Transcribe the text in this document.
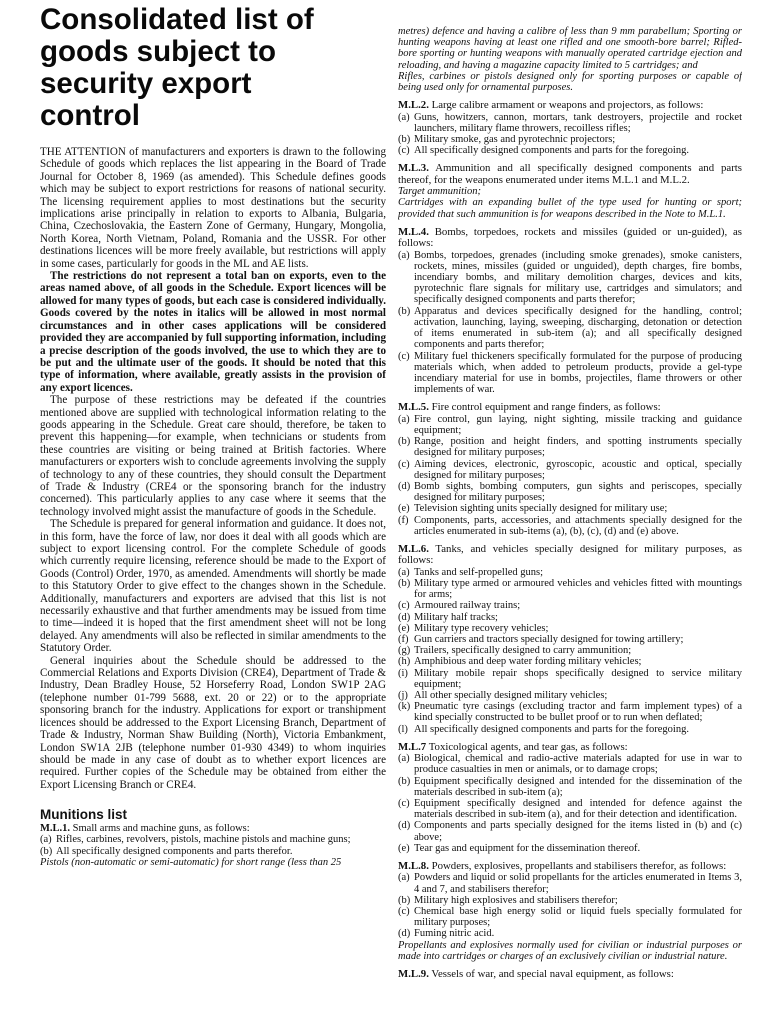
Consolidated list of
goods subject to
security export
control

THE ATTENTION of manufacturers and exporters is drawn to the following Schedule of goods which replaces the list appearing in the Board of Trade Journal for October 8, 1969 (as amended). This Schedule defines goods which may be subject to export restrictions for reasons of national security. The licensing requirement applies to most destinations but the security implications arise principally in relation to exports to Albania, Bulgaria, China, Czechoslovakia, the Eastern Zone of Germany, Hungary, Mongolia, North Korea, North Vietnam, Poland, Romania and the USSR. For other destinations licences will be more freely available, but restrictions will apply in some cases, particularly for goods in the ML and AE lists.

The restrictions do not represent a total ban on exports, even to the areas named above, of all goods in the Schedule. Export licences will be allowed for many types of goods, but each case is considered individually. Goods covered by the notes in italics will be allowed in most normal circumstances and in other cases applications will be considered provided they are accompanied by full supporting information, including a precise description of the goods involved, the use to which they are to be put and the ultimate user of the goods. It should be noted that this type of information, where available, greatly assists in the provision of any export licences.

The purpose of these restrictions may be defeated if the countries mentioned above are supplied with technological information relating to the goods appearing in the Schedule. Great care should, therefore, be taken to prevent this happening—for example, when technicians or students from these countries are visiting or being trained at British factories. Where manufacturers or exporters wish to conclude agreements involving the supply of technology to any of these countries, they should consult the Department of Trade & Industry (CRE4 or the sponsoring branch for the industry concerned). This particularly applies to any case where it seems that the technology involved might assist the manufacture of goods in the Schedule.

The Schedule is prepared for general information and guidance. It does not, in this form, have the force of law, nor does it deal with all goods which are subject to export licensing control. For the complete Schedule of goods which currently require licensing, reference should be made to the Export of Goods (Control) Order, 1970, as amended. Amendments will shortly be made to this Statutory Order to give effect to the changes shown in the Schedule. Additionally, manufacturers and exporters are advised that this list is not necessarily exhaustive and that further amendments may be issued from time to time—indeed it is hoped that the first amendment sheet will not be long delayed. Any amendments will also be reflected in similar amendments to the Statutory Order.

General inquiries about the Schedule should be addressed to the Commercial Relations and Exports Division (CRE4), Department of Trade & Industry, Dean Bradley House, 52 Horseferry Road, London SW1P 2AG (telephone number 01-799 5688, ext. 20 or 22) or to the appropriate sponsoring branch for the industry. Applications for export or transhipment licences should be addressed to the Export Licensing Branch, Department of Trade & Industry, Norman Shaw Building (North), Victoria Embankment, London SW1A 2JB (telephone number 01-930 4349) to whom inquiries should be made in any case of doubt as to whether export licences are required. Further copies of the Schedule may be obtained from either the Export Licensing Branch or CRE4.

Munitions list
M.L.1. Small arms and machine guns, as follows:
(a) Rifles, carbines, revolvers, pistols, machine pistols and machine guns;
(b) All specifically designed components and parts therefor.

Pistols (non-automatic or semi-automatic) for short range (less than 25

metres) defence and having a calibre of less than 9 mm parabellum; Sporting or hunting weapons having at least one rifled and one smooth-bore barrel; Rifled-bore sporting or hunting weapons with manually operated cartridge ejection and reloading, and having a magazine capacity limited to 5 cartridges; and

Rifles, carbines or pistols designed only for sporting purposes or capable of being used only for ornamental purposes.

M.L.2. Large calibre armament or weapons and projectors, as follows:

(a) Guns, howitzers, cannon, mortars, tank destroyers, projectile and rocket launchers, military flame throwers, recoilless rifles;
(b) Military smoke, gas and pyrotechnic projectors;
(c) All specifically designed components and parts for the foregoing.

M.L.3. Ammunition and all specifically designed components and parts thereof, for the weapons enumerated under items M.L.1 and M.L.2.

Target ammunition;

Cartridges with an expanding bullet of the type used for hunting or sport; provided that such ammunition is for weapons described in the Note to M.L.1.

M.L.4. Bombs, torpedoes, rockets and missiles (guided or un-guided), as follows:

(a) Bombs, torpedoes, grenades (including smoke grenades), smoke canisters, rockets, mines, missiles (guided or unguided), depth charges, fire bombs, incendiary bombs, and military demolition charges, devices and kits, pyrotechnic flare signals for military use, cartridges and simulators; and specifically designed components and parts therefor;
(b) Apparatus and devices specifically designed for the handling, control; activation, launching, laying, sweeping, discharging, detonation or detection of items enumerated in sub-item (a); and all specifically designed components and parts therefor;
(c) Military fuel thickeners specifically formulated for the purpose of producing materials which, when added to petroleum products, provide a gel-type incendiary material for use in bombs, projectiles, flame throwers or other implements of war.

M.L.5. Fire control equipment and range finders, as follows:

(a) Fire control, gun laying, night sighting, missile tracking and guidance equipment;
(b) Range, position and height finders, and spotting instruments specially designed for military purposes;
(c) Aiming devices, electronic, gyroscopic, acoustic and optical, specially designed for military purposes;
(d) Bomb sights, bombing computers, gun sights and periscopes, specially designed for military purposes;
(e) Television sighting units specially designed for military use;
(f) Components, parts, accessories, and attachments specially designed for the articles enumerated in sub-items (a), (b), (c), (d) and (e) above.

M.L.6. Tanks, and vehicles specially designed for military purposes, as follows:

(a) Tanks and self-propelled guns;
(b) Military type armed or armoured vehicles and vehicles fitted with mountings for arms;
(c) Armoured railway trains;
(d) Military half tracks;
(e) Military type recovery vehicles;
(f) Gun carriers and tractors specially designed for towing artillery;
(g) Trailers, specifically designed to carry ammunition;
(h) Amphibious and deep water fording military vehicles;
(i) Military mobile repair shops specifically designed to service military equipment;
(j) All other specially designed military vehicles;
(k) Pneumatic tyre casings (excluding tractor and farm implement types) of a kind specially constructed to be bullet proof or to run when deflated;
(l) All specifically designed components and parts for the foregoing.

M.L.7 Toxicological agents, and tear gas, as follows:

(a) Biological, chemical and radio-active materials adapted for use in war to produce casualties in men or animals, or to damage crops;
(b) Equipment specifically designed and intended for the dissemination of the materials described in sub-item (a);
(c) Equipment specifically designed and intended for defence against the materials described in sub-item (a), and for their detection and identification.
(d) Components and parts specially designed for the items listed in (b) and (c) above;
(e) Tear gas and equipment for the dissemination thereof.

M.L.8. Powders, explosives, propellants and stabilisers therefor, as follows:

(a) Powders and liquid or solid propellants for the articles enumerated in Items 3, 4 and 7, and stabilisers therefor;
(b) Military high explosives and stabilisers therefor;
(c) Chemical base high energy solid or liquid fuels specially formulated for military purposes;
(d) Fuming nitric acid.

Propellants and explosives normally used for civilian or industrial purposes or made into cartridges or charges of an exclusively civilian or industrial nature.

M.L.9. Vessels of war, and special naval equipment, as follows:
